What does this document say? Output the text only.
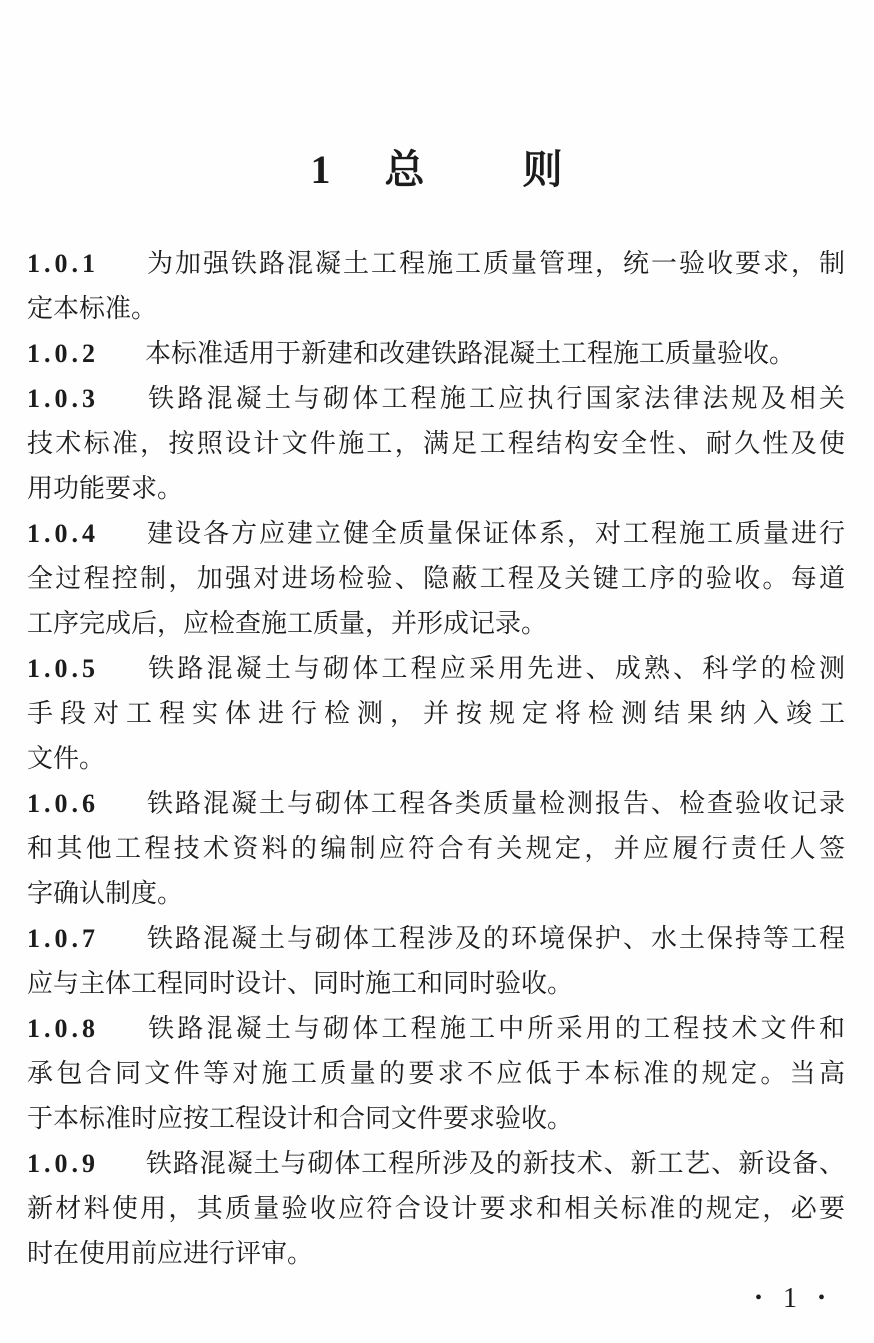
1 总 则

1.0.1 为加强铁路混凝土工程施工质量管理，统一验收要求，制
定本标准。

1.0.2 本标准适用于新建和改建铁路混凝土工程施工质量验收。

1.0.3 铁路混凝土与砌体工程施工应执行国家法律法规及相关
技术标准，按照设计文件施工，满足工程结构安全性、耐久性及使
用功能要求。

1.0.4 建设各方应建立健全质量保证体系，对工程施工质量进行
全过程控制，加强对进场检验、隐蔽工程及关键工序的验收。每道
工序完成后，应检查施工质量，并形成记录。

1.0.5 铁路混凝土与砌体工程应采用先进、成熟、科学的检测
手段对工程实体进行检测，并按规定将检测结果纳入竣工
文件。

1.0.6 铁路混凝土与砌体工程各类质量检测报告、检查验收记录
和其他工程技术资料的编制应符合有关规定，并应履行责任人签
字确认制度。

1.0.7 铁路混凝土与砌体工程涉及的环境保护、水土保持等工程
应与主体工程同时设计、同时施工和同时验收。

1.0.8 铁路混凝土与砌体工程施工中所采用的工程技术文件和
承包合同文件等对施工质量的要求不应低于本标准的规定。当高
于本标准时应按工程设计和合同文件要求验收。

1.0.9 铁路混凝土与砌体工程所涉及的新技术、新工艺、新设备、
新材料使用，其质量验收应符合设计要求和相关标准的规定，必要
时在使用前应进行评审。

• 1 •
